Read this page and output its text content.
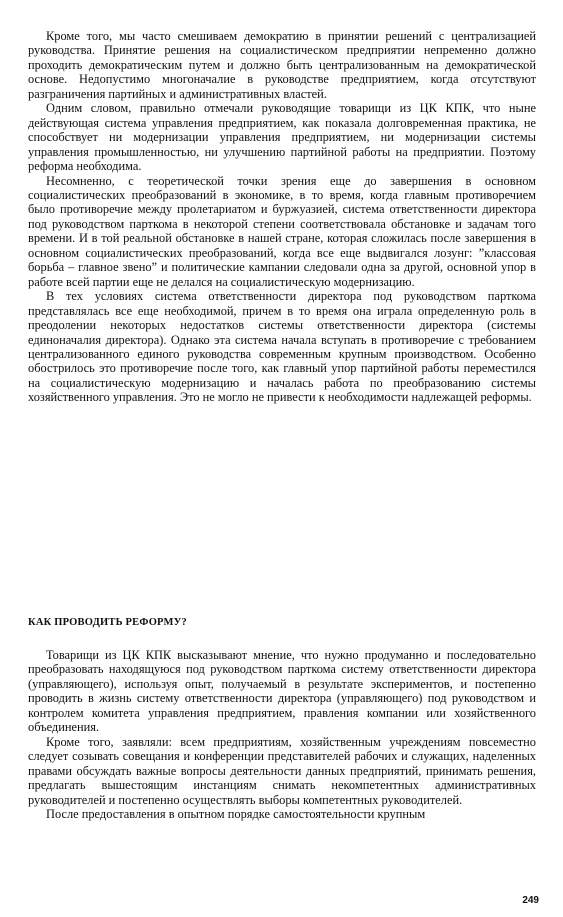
Кроме того, мы часто смешиваем демократию в принятии решений с централизацией руководства. Принятие решения на социалистическом предприятии непременно должно проходить демократическим путем и должно быть централизованным на демократической основе. Недопустимо многоначалие в руководстве предприятием, когда отсутствуют разграничения партийных и административных властей.

Одним словом, правильно отмечали руководящие товарищи из ЦК КПК, что ныне действующая система управления предприятием, как показала долговременная практика, не способствует ни модернизации управления предприятием, ни модернизации системы управления промышленностью, ни улучшению партийной работы на предприятии. Поэтому реформа необходима.

Несомненно, с теоретической точки зрения еще до завершения в основном социалистических преобразований в экономике, в то время, когда главным противоречием было противоречие между пролетариатом и буржуазией, система ответственности директора под руководством парткома в некоторой степени соответствовала обстановке и задачам того времени. И в той реальной обстановке в нашей стране, которая сложилась после завершения в основном социалистических преобразований, когда все еще выдвигался лозунг: ”классовая борьба – главное звено” и политические кампании следовали одна за другой, основной упор в работе всей партии еще не делался на социалистическую модернизацию.

В тех условиях система ответственности директора под руководством парткома представлялась все еще необходимой, причем в то время она играла определенную роль в преодолении некоторых недостатков системы ответственности директора (системы единоначалия директора). Однако эта система начала вступать в противоречие с требованием централизованного единого руководства современным крупным производством. Особенно обострилось это противоречие после того, как главный упор партийной работы переместился на социалистическую модернизацию и началась работа по преобразованию системы хозяйственного управления. Это не могло не привести к необходимости надлежащей реформы.

КАК ПРОВОДИТЬ РЕФОРМУ?

Товарищи из ЦК КПК высказывают мнение, что нужно продуманно и последовательно преобразовать находящуюся под руководством парткома систему ответственности директора (управляющего), используя опыт, получаемый в результате экспериментов, и постепенно проводить в жизнь систему ответственности директора (управляющего) под руководством и контролем комитета управления предприятием, правления компании или хозяйственного объединения.

Кроме того, заявляли: всем предприятиям, хозяйственным учреждениям повсеместно следует созывать совещания и конференции представителей рабочих и служащих, наделенных правами обсуждать важные вопросы деятельности данных предприятий, принимать решения, предлагать вышестоящим инстанциям снимать некомпетентных административных руководителей и постепенно осуществлять выборы компетентных руководителей.

После предоставления в опытном порядке самостоятельности крупным

249
